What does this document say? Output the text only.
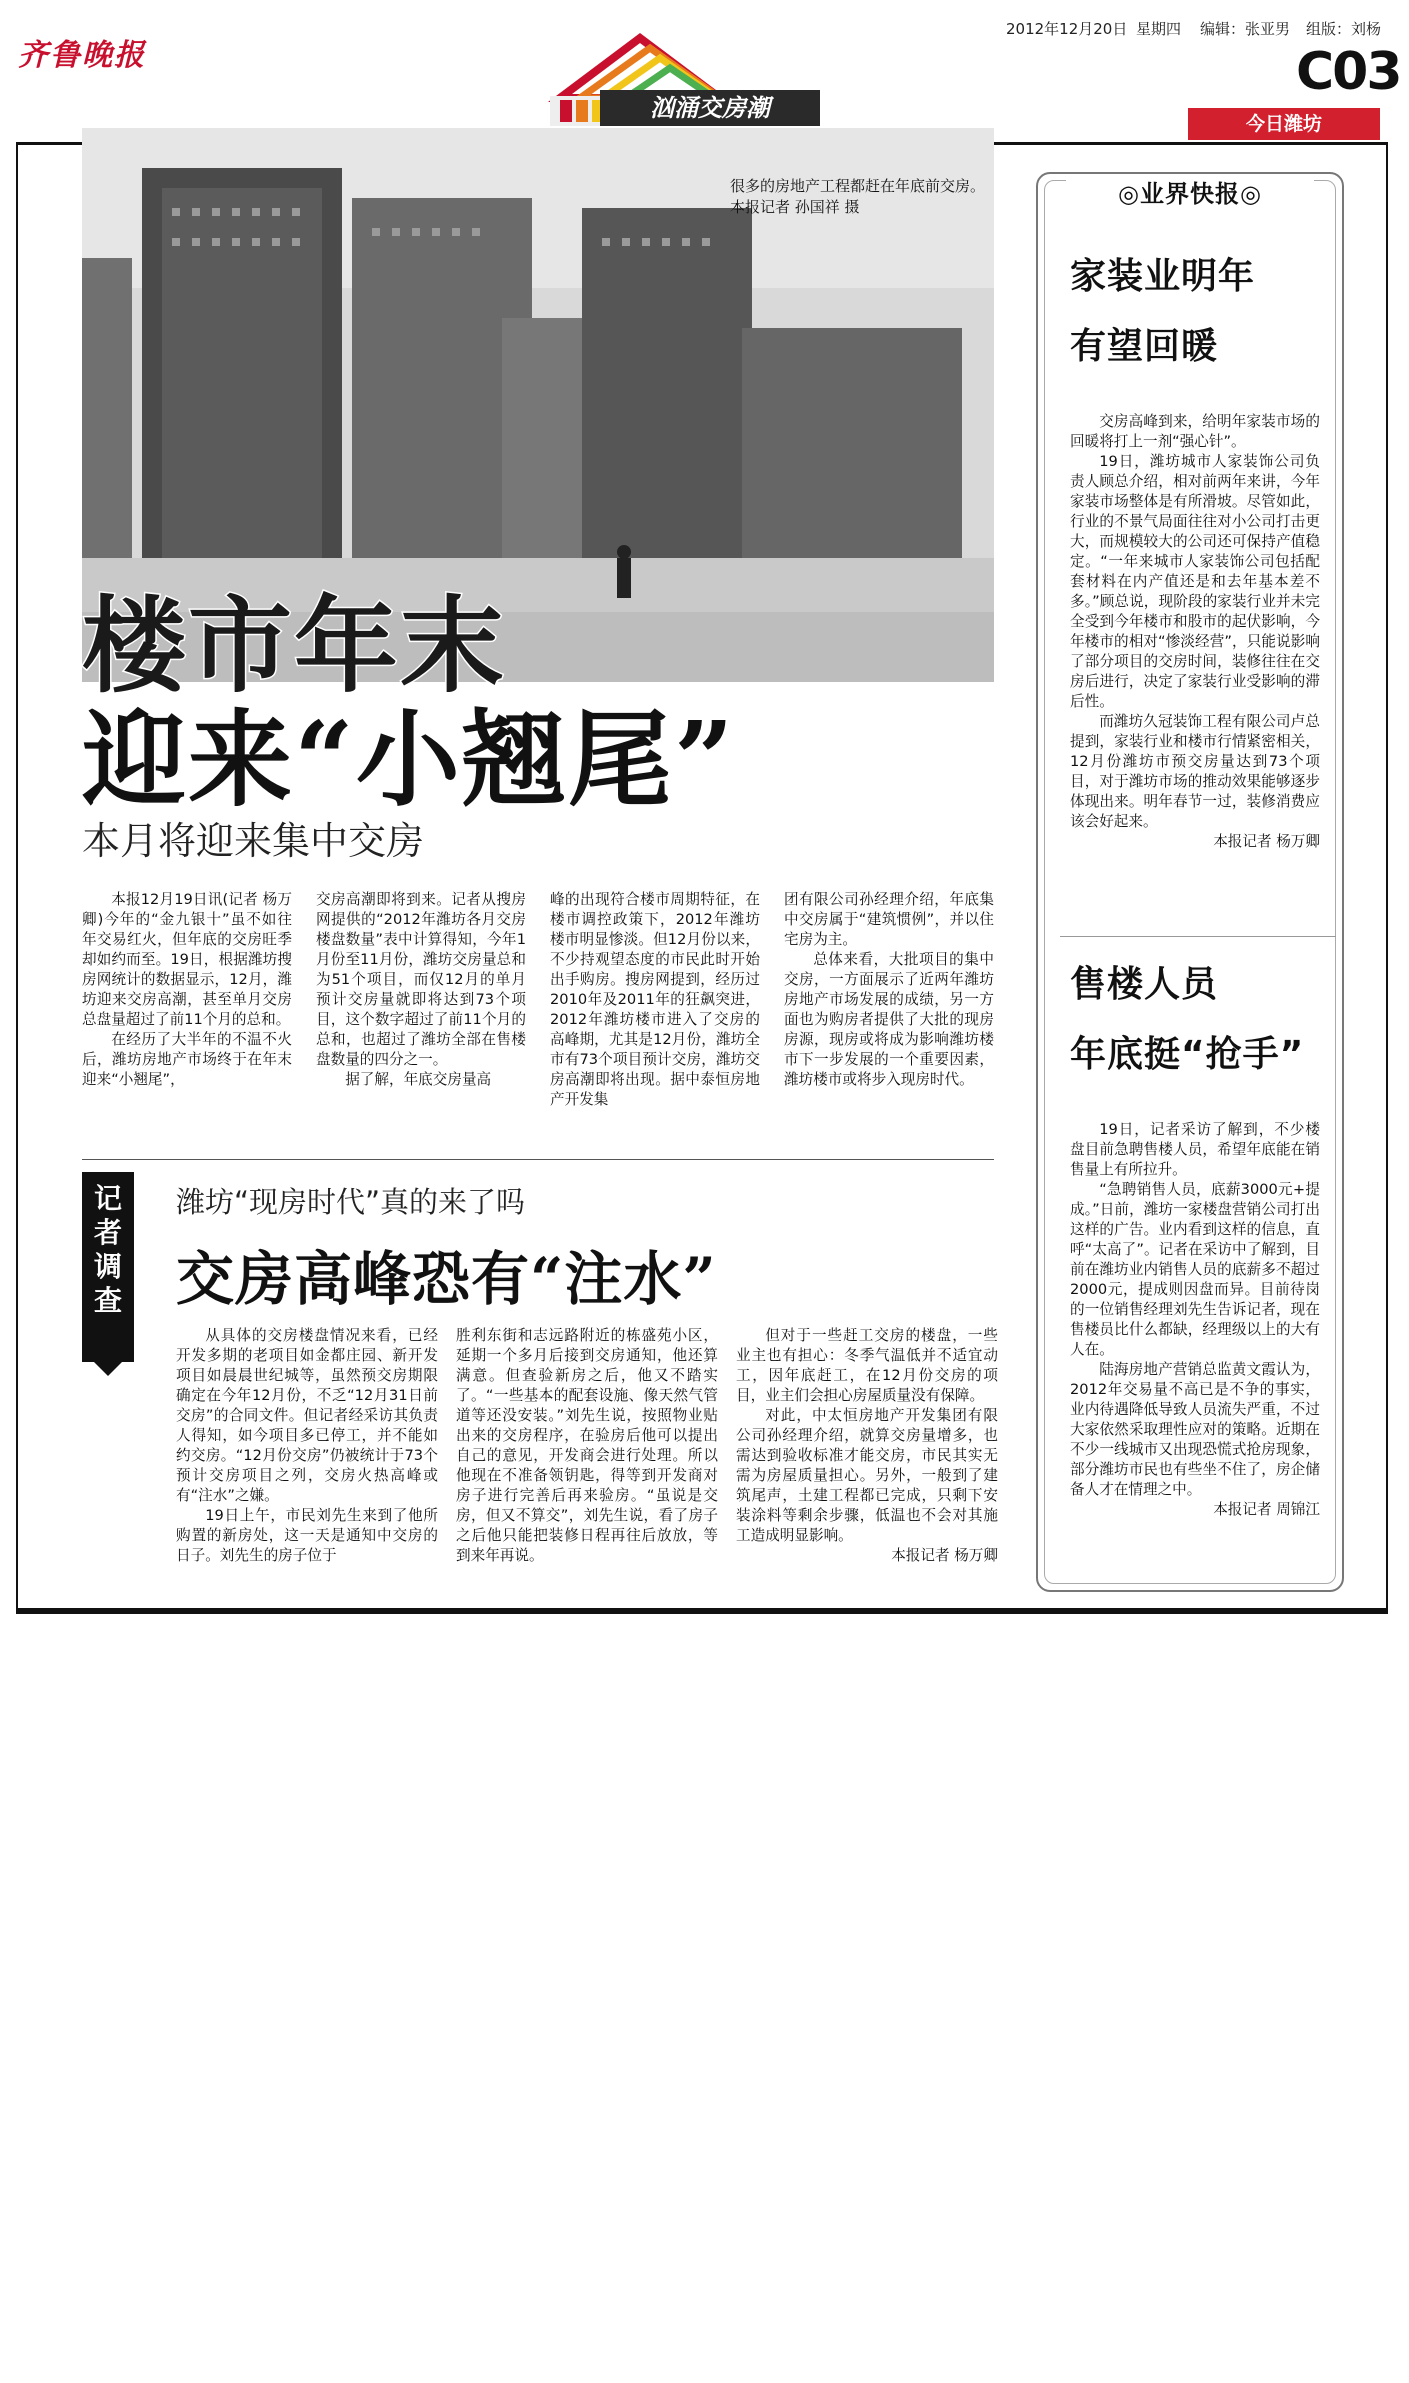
齐鲁晚报
2012年12月20日 星期四 编辑：张亚男 组版：刘杨
C03
今日潍坊
汹涌交房潮
很多的房地产工程都赶在年底前交房。 本报记者 孙国祥 摄
楼市年末
迎来“小翘尾”
本月将迎来集中交房

本报12月19日讯(记者 杨万卿)今年的“金九银十”虽不如往年交易红火，但年底的交房旺季却如约而至。19日，根据潍坊搜房网统计的数据显示，12月，潍坊迎来交房高潮，甚至单月交房总盘量超过了前11个月的总和。

在经历了大半年的不温不火后，潍坊房地产市场终于在年末迎来“小翘尾”，

交房高潮即将到来。记者从搜房网提供的“2012年潍坊各月交房楼盘数量”表中计算得知，今年1月份至11月份，潍坊交房量总和为51个项目，而仅12月的单月预计交房量就即将达到73个项目，这个数字超过了前11个月的总和，也超过了潍坊全部在售楼盘数量的四分之一。

据了解，年底交房量高

峰的出现符合楼市周期特征，在楼市调控政策下，2012年潍坊楼市明显惨淡。但12月份以来，不少持观望态度的市民此时开始出手购房。搜房网提到，经历过2010年及2011年的狂飙突进，2012年潍坊楼市进入了交房的高峰期，尤其是12月份，潍坊全市有73个项目预计交房，潍坊交房高潮即将出现。据中泰恒房地产开发集

团有限公司孙经理介绍，年底集中交房属于“建筑惯例”，并以住宅房为主。

总体来看，大批项目的集中交房，一方面展示了近两年潍坊房地产市场发展的成绩，另一方面也为购房者提供了大批的现房房源，现房或将成为影响潍坊楼市下一步发展的一个重要因素，潍坊楼市或将步入现房时代。

记者调查
潍坊“现房时代”真的来了吗
交房高峰恐有“注水”

从具体的交房楼盘情况来看，已经开发多期的老项目如金都庄园、新开发项目如晨晨世纪城等，虽然预交房期限确定在今年12月份，不乏“12月31日前交房”的合同文件。但记者经采访其负责人得知，如今项目多已停工，并不能如约交房。“12月份交房”仍被统计于73个预计交房项目之列，交房火热高峰或有“注水”之嫌。

19日上午，市民刘先生来到了他所购置的新房处，这一天是通知中交房的日子。刘先生的房子位于

胜利东街和志远路附近的栋盛苑小区，延期一个多月后接到交房通知，他还算满意。但查验新房之后，他又不踏实了。“一些基本的配套设施、像天然气管道等还没安装。”刘先生说，按照物业贴出来的交房程序，在验房后他可以提出自己的意见，开发商会进行处理。所以他现在不准备领钥匙，得等到开发商对房子进行完善后再来验房。“虽说是交房，但又不算交”，刘先生说，看了房子之后他只能把装修日程再往后放放，等到来年再说。

但对于一些赶工交房的楼盘，一些业主也有担心：冬季气温低并不适宜动工，因年底赶工，在12月份交房的项目，业主们会担心房屋质量没有保障。

对此，中太恒房地产开发集团有限公司孙经理介绍，就算交房量增多，也需达到验收标准才能交房，市民其实无需为房屋质量担心。另外，一般到了建筑尾声，土建工程都已完成，只剩下安装涂料等剩余步骤，低温也不会对其施工造成明显影响。

本报记者 杨万卿

◎业界快报◎
家装业明年
有望回暖

交房高峰到来，给明年家装市场的回暖将打上一剂“强心针”。

19日，潍坊城市人家装饰公司负责人顾总介绍，相对前两年来讲，今年家装市场整体是有所滑坡。尽管如此，行业的不景气局面往往对小公司打击更大，而规模较大的公司还可保持产值稳定。“一年来城市人家装饰公司包括配套材料在内产值还是和去年基本差不多。”顾总说，现阶段的家装行业并未完全受到今年楼市和股市的起伏影响，今年楼市的相对“惨淡经营”，只能说影响了部分项目的交房时间，装修往往在交房后进行，决定了家装行业受影响的滞后性。

而潍坊久冠装饰工程有限公司卢总提到，家装行业和楼市行情紧密相关，12月份潍坊市预交房量达到73个项目，对于潍坊市场的推动效果能够逐步体现出来。明年春节一过，装修消费应该会好起来。

本报记者 杨万卿

售楼人员
年底挺“抢手”

19日，记者采访了解到，不少楼盘目前急聘售楼人员，希望年底能在销售量上有所拉升。

“急聘销售人员，底薪3000元+提成。”日前，潍坊一家楼盘营销公司打出这样的广告。业内看到这样的信息，直呼“太高了”。记者在采访中了解到，目前在潍坊业内销售人员的底薪多不超过2000元，提成则因盘而异。目前待岗的一位销售经理刘先生告诉记者，现在售楼员比什么都缺，经理级以上的大有人在。

陆海房地产营销总监黄文霞认为，2012年交易量不高已是不争的事实，业内待遇降低导致人员流失严重，不过大家依然采取理性应对的策略。近期在不少一线城市又出现恐慌式抢房现象，部分潍坊市民也有些坐不住了，房企储备人才在情理之中。

本报记者 周锦江
